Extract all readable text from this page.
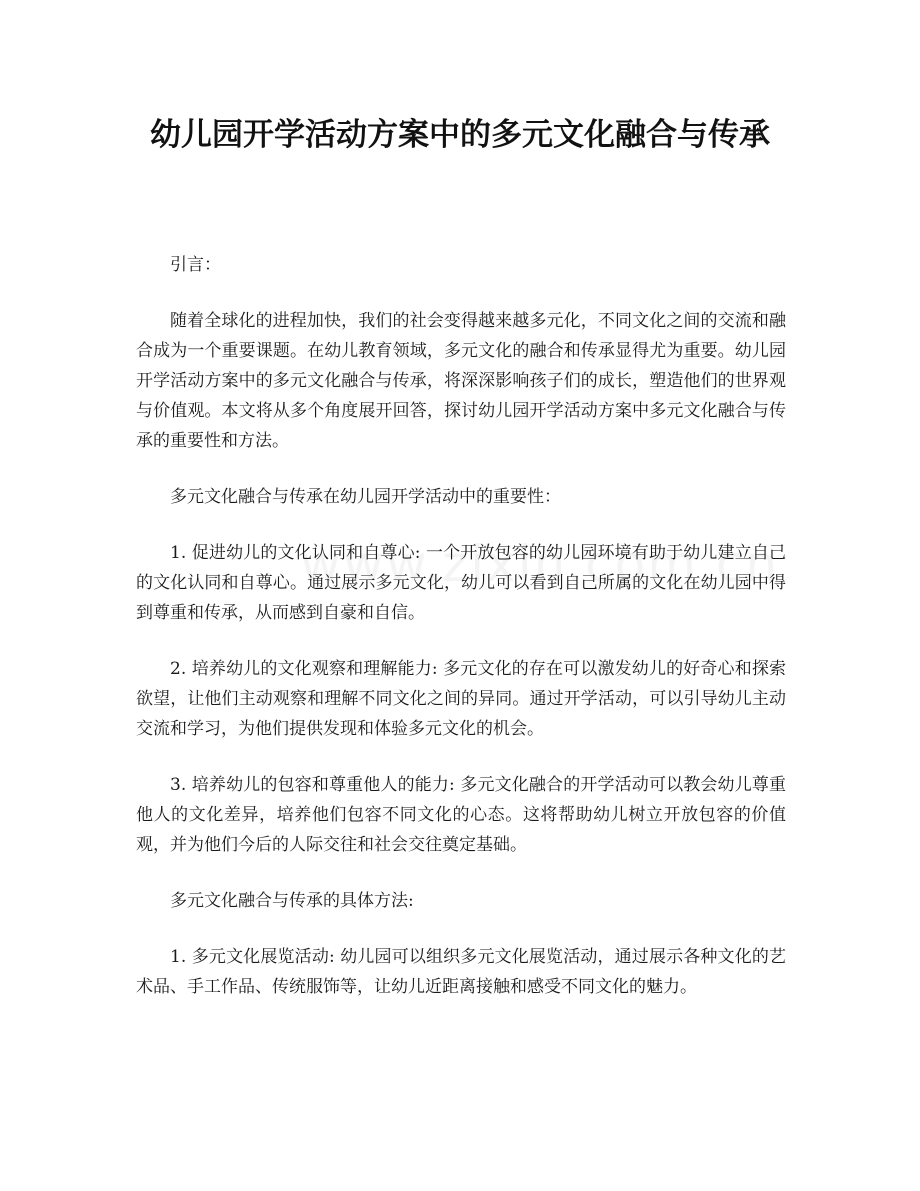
幼儿园开学活动方案中的多元文化融合与传承

引言：

随着全球化的进程加快，我们的社会变得越来越多元化，不同文化之间的交流和融合成为一个重要课题。在幼儿教育领域，多元文化的融合和传承显得尤为重要。幼儿园开学活动方案中的多元文化融合与传承，将深深影响孩子们的成长，塑造他们的世界观与价值观。本文将从多个角度展开回答，探讨幼儿园开学活动方案中多元文化融合与传承的重要性和方法。

多元文化融合与传承在幼儿园开学活动中的重要性：

1. 促进幼儿的文化认同和自尊心: 一个开放包容的幼儿园环境有助于幼儿建立自己的文化认同和自尊心。通过展示多元文化，幼儿可以看到自己所属的文化在幼儿园中得到尊重和传承，从而感到自豪和自信。

2. 培养幼儿的文化观察和理解能力: 多元文化的存在可以激发幼儿的好奇心和探索欲望，让他们主动观察和理解不同文化之间的异同。通过开学活动，可以引导幼儿主动交流和学习，为他们提供发现和体验多元文化的机会。

3. 培养幼儿的包容和尊重他人的能力: 多元文化融合的开学活动可以教会幼儿尊重他人的文化差异，培养他们包容不同文化的心态。这将帮助幼儿树立开放包容的价值观，并为他们今后的人际交往和社会交往奠定基础。

多元文化融合与传承的具体方法:

1. 多元文化展览活动: 幼儿园可以组织多元文化展览活动，通过展示各种文化的艺术品、手工作品、传统服饰等，让幼儿近距离接触和感受不同文化的魅力。
